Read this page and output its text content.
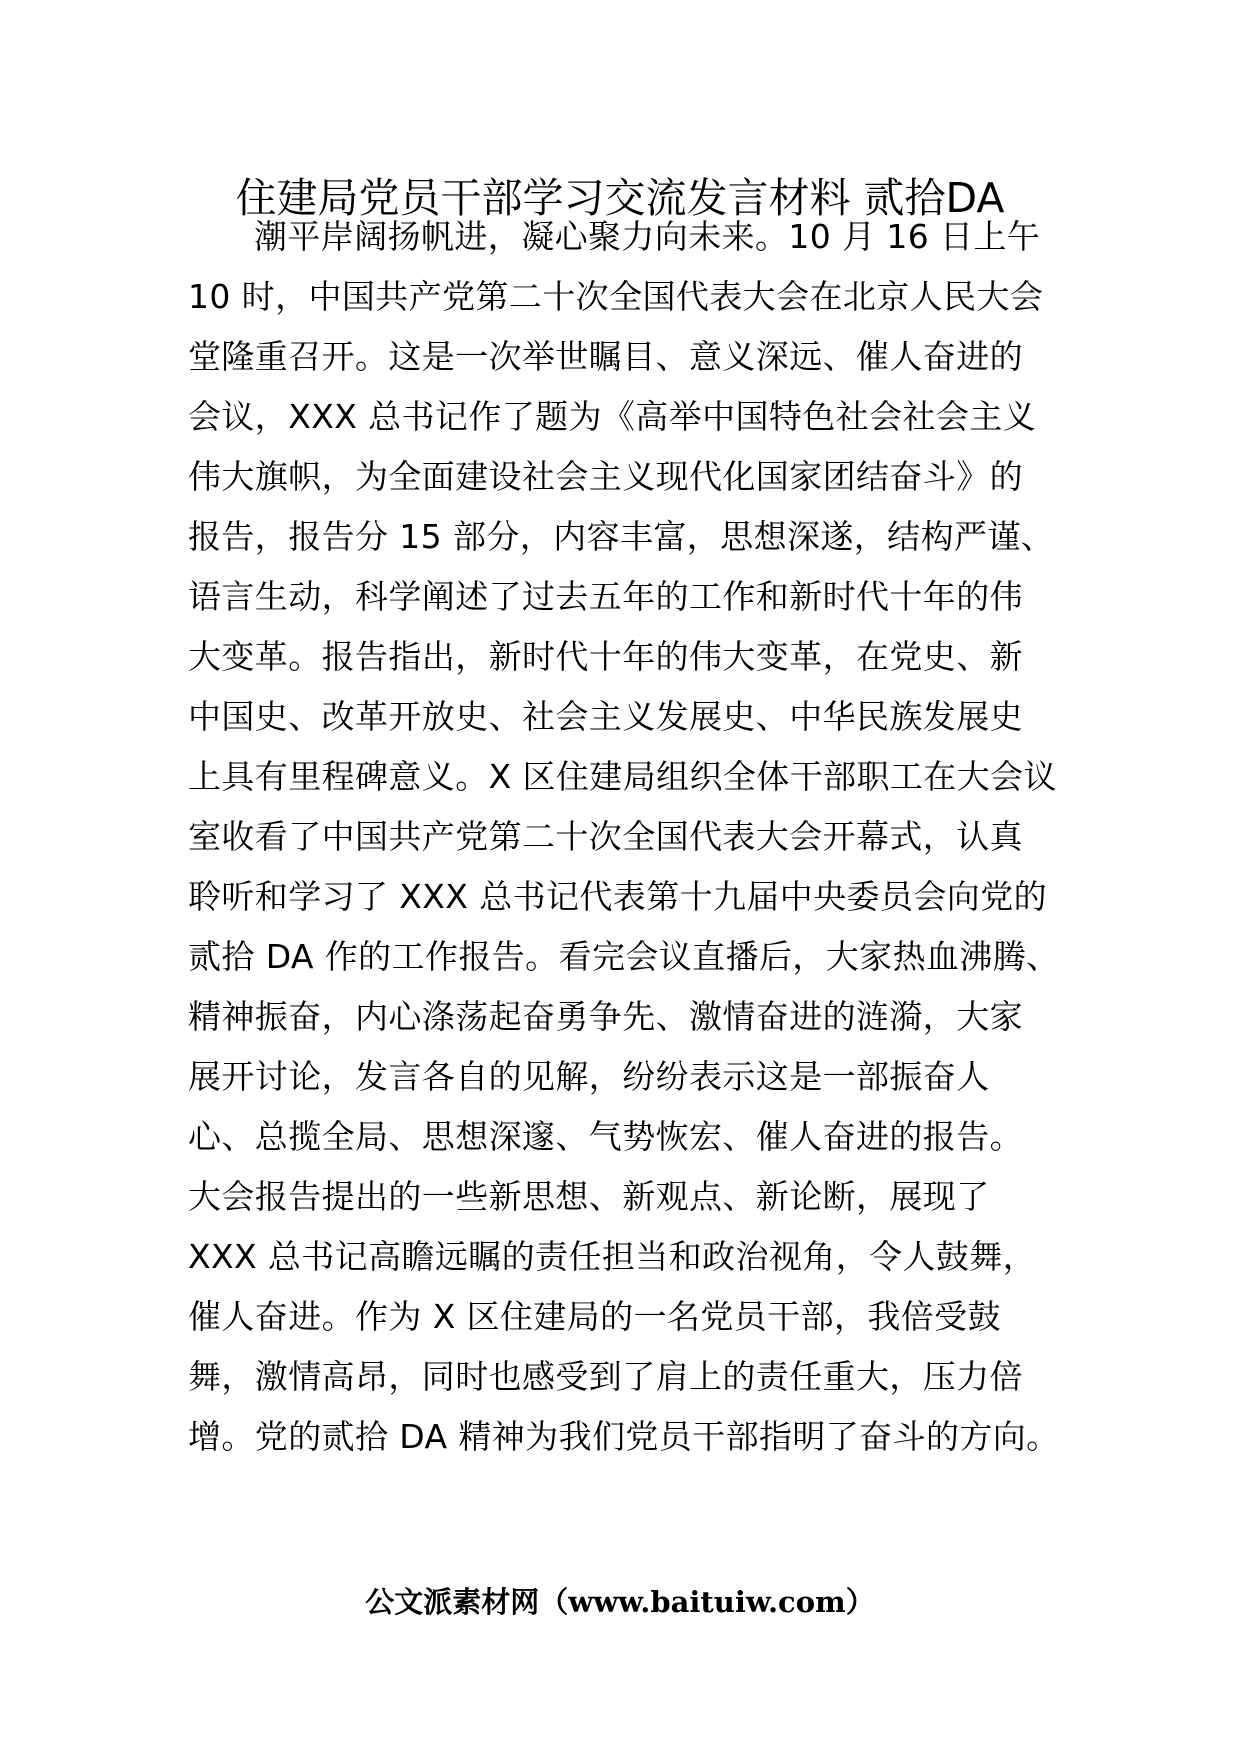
住建局党员干部学习交流发言材料 贰拾DA

潮平岸阔扬帆进，凝心聚力向未来。10 月 16 日上午

10 时，中国共产党第二十次全国代表大会在北京人民大会

堂隆重召开。这是一次举世瞩目、意义深远、催人奋进的

会议，XXX 总书记作了题为《高举中国特色社会社会主义

伟大旗帜，为全面建设社会主义现代化国家团结奋斗》的

报告，报告分 15 部分，内容丰富，思想深遂，结构严谨、

语言生动，科学阐述了过去五年的工作和新时代十年的伟

大变革。报告指出，新时代十年的伟大变革，在党史、新

中国史、改革开放史、社会主义发展史、中华民族发展史

上具有里程碑意义。X 区住建局组织全体干部职工在大会议

室收看了中国共产党第二十次全国代表大会开幕式，认真

聆听和学习了 XXX 总书记代表第十九届中央委员会向党的

贰拾 DA 作的工作报告。看完会议直播后，大家热血沸腾、

精神振奋，内心涤荡起奋勇争先、激情奋进的涟漪，大家

展开讨论，发言各自的见解，纷纷表示这是一部振奋人

心、总揽全局、思想深邃、气势恢宏、催人奋进的报告。

大会报告提出的一些新思想、新观点、新论断，展现了

XXX 总书记高瞻远瞩的责任担当和政治视角，令人鼓舞，

催人奋进。作为 X 区住建局的一名党员干部，我倍受鼓

舞，激情高昂，同时也感受到了肩上的责任重大，压力倍

增。党的贰拾 DA 精神为我们党员干部指明了奋斗的方向。

公文派素材网（www.baituiw.com）
